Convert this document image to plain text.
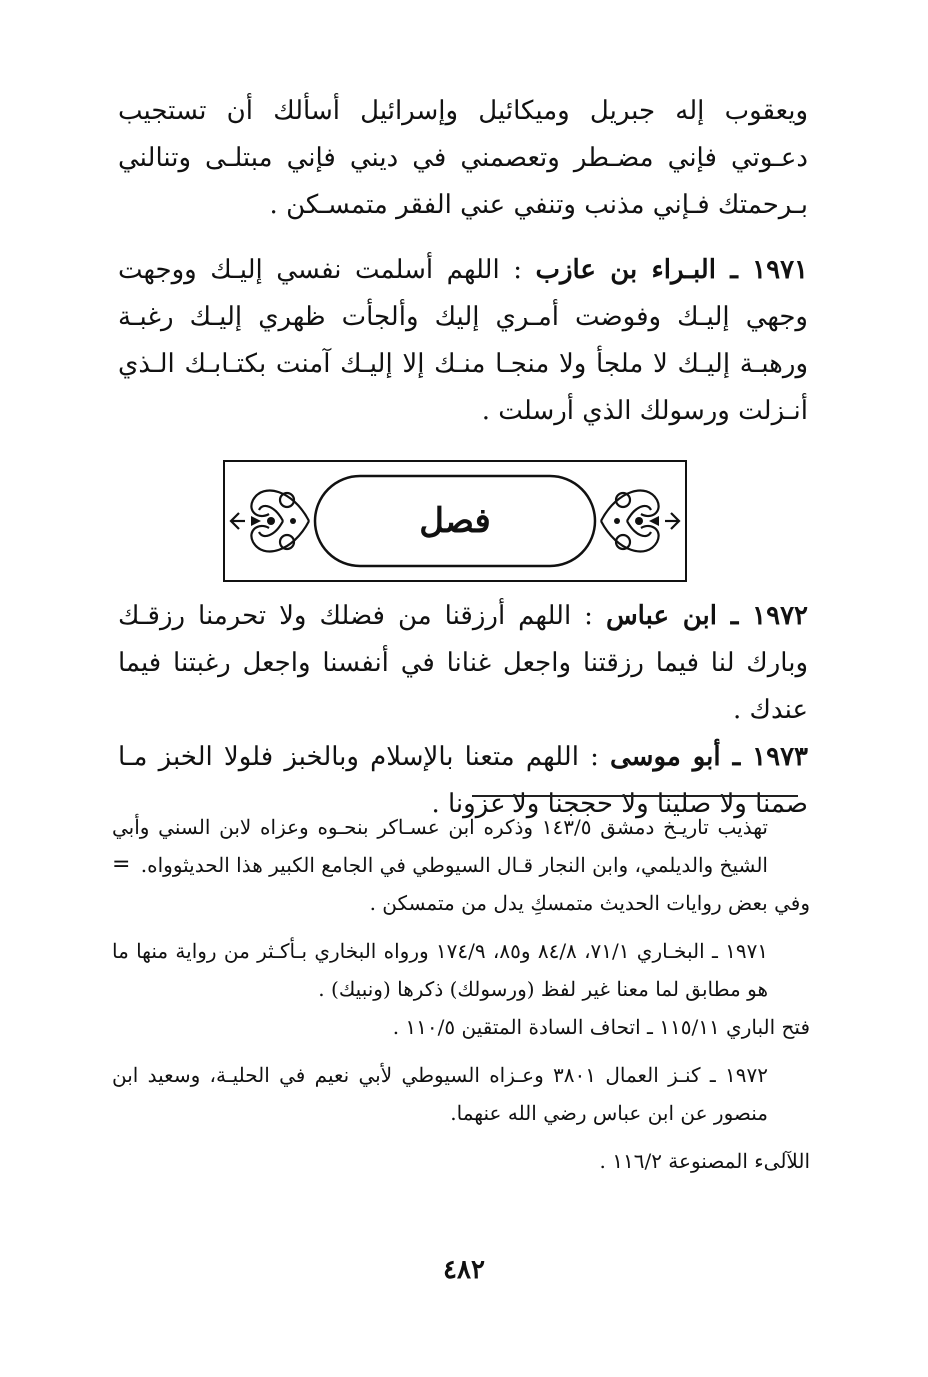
ويعقوب إله جبريل وميكائيل وإسرائيل أسألك أن تستجيب دعـوتي فإني مضـطر وتعصمني في ديني فإني مبتلـى وتنالني بـرحمتك فـإني مذنب وتنفي عني الفقر متمسـكن .

١٩٧١ ـ البـراء بن عازب : اللهم أسلمت نفسي إليـك ووجهت وجهي إليـك وفوضت أمـري إليك وألجأت ظهري إليـك رغبـة ورهبـة إليـك لا ملجأ ولا منجـا منـك إلا إليـك آمنت بكتـابـك الـذي أنـزلت ورسولك الذي أرسلت .

فصل

١٩٧٢ ـ ابن عباس : اللهم أرزقنا من فضلك ولا تحرمنا رزقـك وبارك لنا فيما رزقتنا واجعل غنانا في أنفسنا واجعل رغبتنا فيما عندك .

١٩٧٣ ـ أبو موسى : اللهم متعنا بالإسلام وبالخبز فلولا الخبز مـا صمنا ولا صلينا ولا حججنا ولا غزونا .

=

تهذيب تاريـخ دمشق ١٤٣/٥ وذكره ابن عسـاكر بنحـوه وعزاه لابن السني وأبي الشيخ والديلمي، وابن النجار قـال السيوطي في الجامع الكبير هذا الحديثوواه.

وفي بعض روايات الحديث متمسكِ يدل من متمسكن .

١٩٧١ ـ البخـاري ٧١/١، ٨٤/٨ و٨٥، ١٧٤/٩ ورواه البخاري بـأكـثر من رواية منها ما هو مطابق لما معنا غير لفظ (ورسولك) ذكرها (ونبيك) .

فتح الباري ١١٥/١١ ـ اتحاف السادة المتقين ١١٠/٥ .

١٩٧٢ ـ كنـز العمال ٣٨٠١ وعـزاه السيوطي لأبي نعيم في الحليـة، وسعيد ابن منصور عن ابن عباس رضي الله عنهما.

اللآلىء المصنوعة ١١٦/٢ .

٤٨٢
